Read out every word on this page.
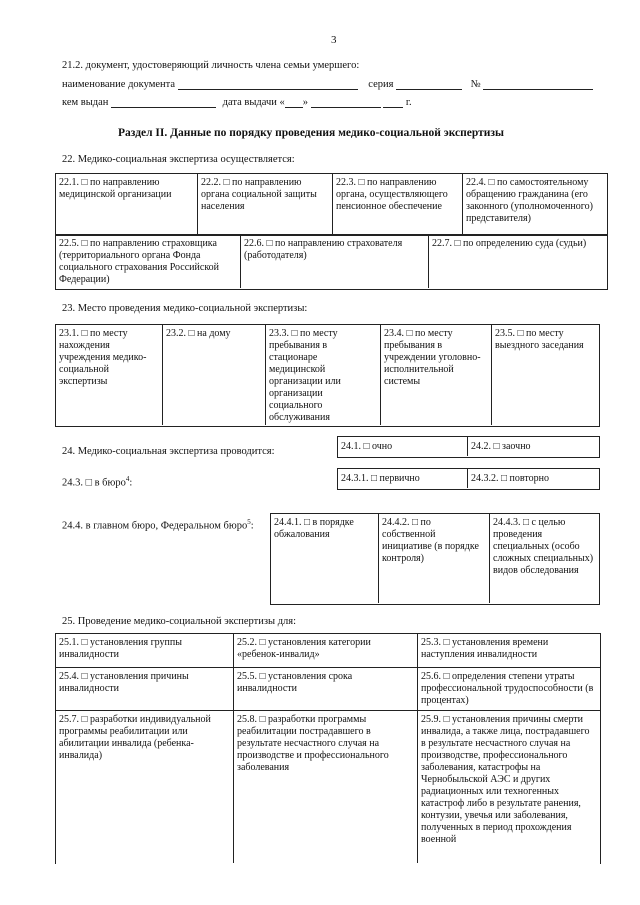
3
21.2. документ, удостоверяющий личность члена семьи умершего:
наименование документа	серия	№
кем выдан	дата выдачи « »	г.
Раздел II. Данные по порядку проведения медико-социальной экспертизы
22. Медико-социальная экспертиза осуществляется:
22.1. □ по направлению медицинской организации
22.2. □ по направлению органа социальной защиты населения
22.3. □ по направлению органа, осуществляющего пенсионное обеспечение
22.4. □ по самостоятельному обращению гражданина (его законного (уполномоченного) представителя)
22.5. □ по направлению страховщика (территориального органа Фонда социального страхования Российской Федерации)
22.6. □ по направлению страхователя (работодателя)
22.7. □ по определению суда (судьи)
23. Место проведения медико-социальной экспертизы:
23.1. □ по месту нахождения учреждения медико-социальной экспертизы
23.2. □ на дому	23.3. □ по месту пребывания в стационаре медицинской организации или организации социального обслуживания
23.4. □ по месту пребывания в учреждении уголовно-исполнительной системы
23.5. □ по месту выездного заседания
24. Медико-социальная экспертиза проводится:	24.1. □ очно	24.2. □ заочно
24.3. □ в бюро$^4$:	24.3.1. □ первично	24.3.2. □ повторно
24.4. в главном бюро, Федеральном бюро$^5$:	24.4.1. □ в порядке обжалования
24.4.2. □ по собственной инициативе (в порядке контроля)
24.4.3. □ с целью проведения специальных (особо сложных специальных) видов обследования
25. Проведение медико-социальной экспертизы для:
25.1. □ установления группы инвалидности
25.2. □ установления категории «ребенок-инвалид»
25.3. □ установления времени наступления инвалидности
25.4. □ установления причины инвалидности
25.5. □ установления срока инвалидности
25.6. □ определения степени утраты профессиональной трудоспособности (в процентах)
25.7. □ разработки индивидуальной программы реабилитации или абилитации инвалида (ребенка-инвалида)
25.8. □ разработки программы реабилитации пострадавшего в результате несчастного случая на производстве и профессионального заболевания
25.9. □ установления причины смерти инвалида, а также лица, пострадавшего в результате несчастного случая на производстве, профессионального заболевания, катастрофы на Чернобыльской АЭС и других радиационных или техногенных катастроф либо в результате ранения, контузии, увечья или заболевания, полученных в период прохождения военной
